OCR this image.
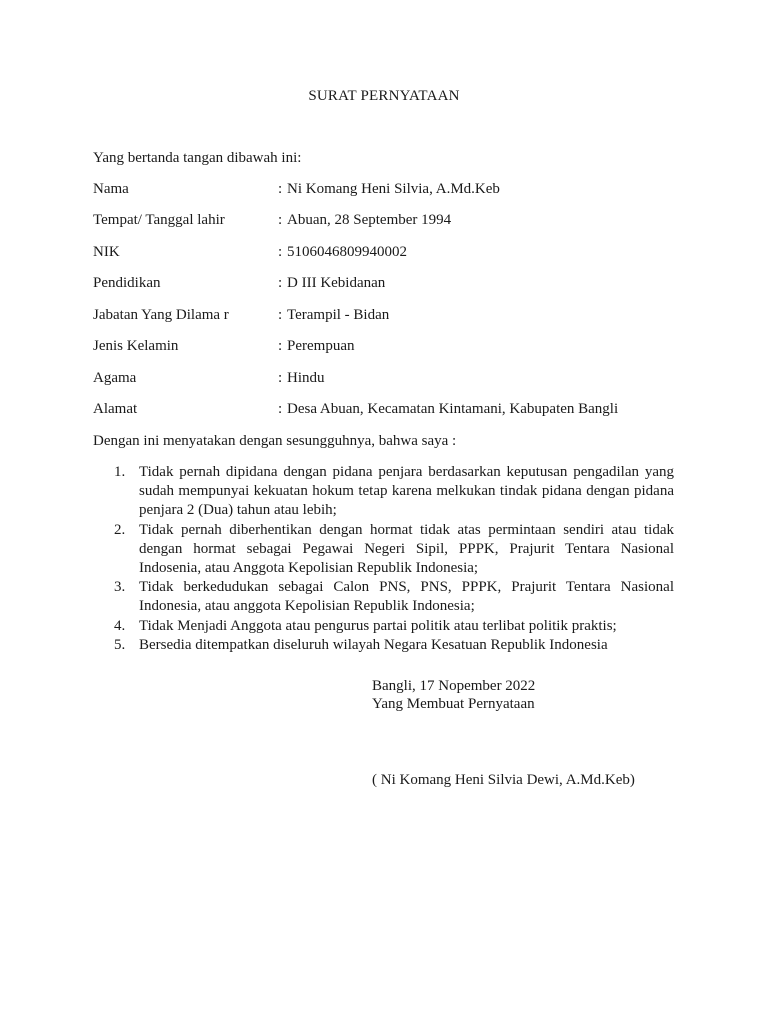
SURAT PERNYATAAN
Yang bertanda tangan dibawah ini:
Nama	: Ni Komang Heni Silvia, A.Md.Keb
Tempat/ Tanggal lahir	: Abuan, 28 September 1994
NIK	: 5106046809940002
Pendidikan	: D III Kebidanan
Jabatan Yang Dilama r	: Terampil - Bidan
Jenis Kelamin	: Perempuan
Agama	: Hindu
Alamat	: Desa Abuan, Kecamatan Kintamani, Kabupaten Bangli
Dengan ini menyatakan dengan sesungguhnya, bahwa saya :

1. Tidak pernah dipidana dengan pidana penjara berdasarkan keputusan pengadilan yang sudah mempunyai kekuatan hokum tetap karena melkukan tindak pidana dengan pidana penjara 2 (Dua) tahun atau lebih;

2. Tidak pernah diberhentikan dengan hormat tidak atas permintaan sendiri atau tidak dengan hormat sebagai Pegawai Negeri Sipil, PPPK, Prajurit Tentara Nasional Indosenia, atau Anggota Kepolisian Republik Indonesia;

3. Tidak berkedudukan sebagai Calon PNS, PNS, PPPK, Prajurit Tentara Nasional Indonesia, atau anggota Kepolisian Republik Indonesia;

4. Tidak Menjadi Anggota atau pengurus partai politik atau terlibat politik praktis;

5. Bersedia ditempatkan diseluruh wilayah Negara Kesatuan Republik Indonesia

Bangli, 17 Nopember 2022
Yang Membuat Pernyataan
( Ni Komang Heni Silvia Dewi, A.Md.Keb)
